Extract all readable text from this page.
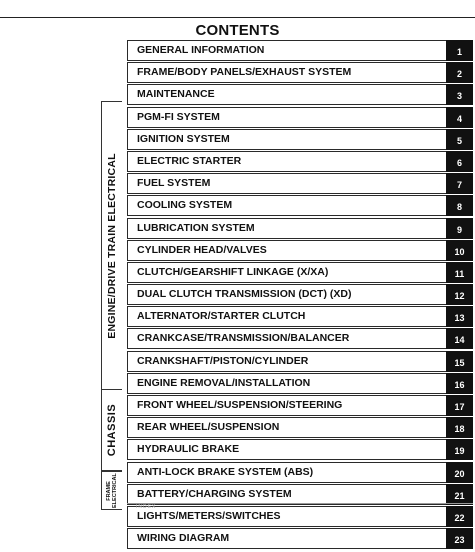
CONTENTS
ENGINE/DRIVE TRAIN ELECTRICAL
CHASSIS
FRAME
ELECTRICAL
GENERAL INFORMATION	1
FRAME/BODY PANELS/EXHAUST SYSTEM	2
MAINTENANCE	3
PGM-FI SYSTEM	4
IGNITION SYSTEM	5
ELECTRIC STARTER	6
FUEL SYSTEM	7
COOLING SYSTEM	8
LUBRICATION SYSTEM	9
CYLINDER HEAD/VALVES	10
CLUTCH/GEARSHIFT LINKAGE (X/XA)	11
DUAL CLUTCH TRANSMISSION (DCT) (XD)	12
ALTERNATOR/STARTER CLUTCH	13
CRANKCASE/TRANSMISSION/BALANCER	14
CRANKSHAFT/PISTON/CYLINDER	15
ENGINE REMOVAL/INSTALLATION	16
FRONT WHEEL/SUSPENSION/STEERING	17
REAR WHEEL/SUSPENSION	18
HYDRAULIC BRAKE	19
ANTI-LOCK BRAKE SYSTEM (ABS)	20
BATTERY/CHARGING SYSTEM	21
LIGHTS/METERS/SWITCHES	22
WIRING DIAGRAM	23
INDEX
